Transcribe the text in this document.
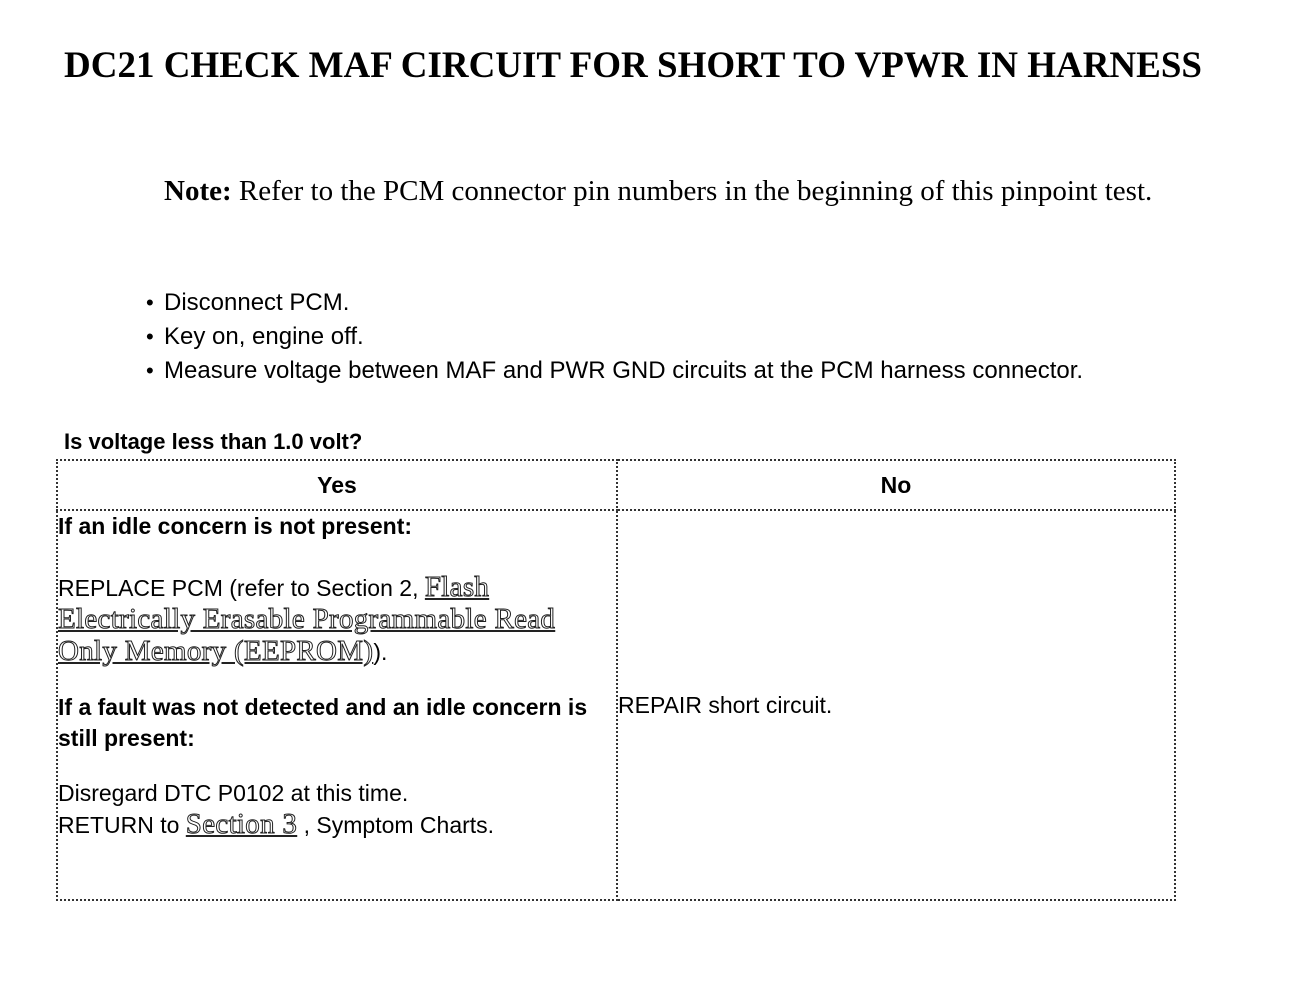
DC21 CHECK MAF CIRCUIT FOR SHORT TO VPWR IN HARNESS
Note: Refer to the PCM connector pin numbers in the beginning of this pinpoint test.
• Disconnect PCM.
• Key on, engine off.
• Measure voltage between MAF and PWR GND circuits at the PCM harness connector.
Is voltage less than 1.0 volt?
Yes	No

If an idle concern is not present:

REPLACE PCM (refer to Section 2, Flash Electrically Erasable Programmable Read Only Memory (EEPROM)).

If a fault was not detected and an idle concern is still present:

Disregard DTC P0102 at this time.

RETURN to Section 3 , Symptom Charts.	REPAIR short circuit.
